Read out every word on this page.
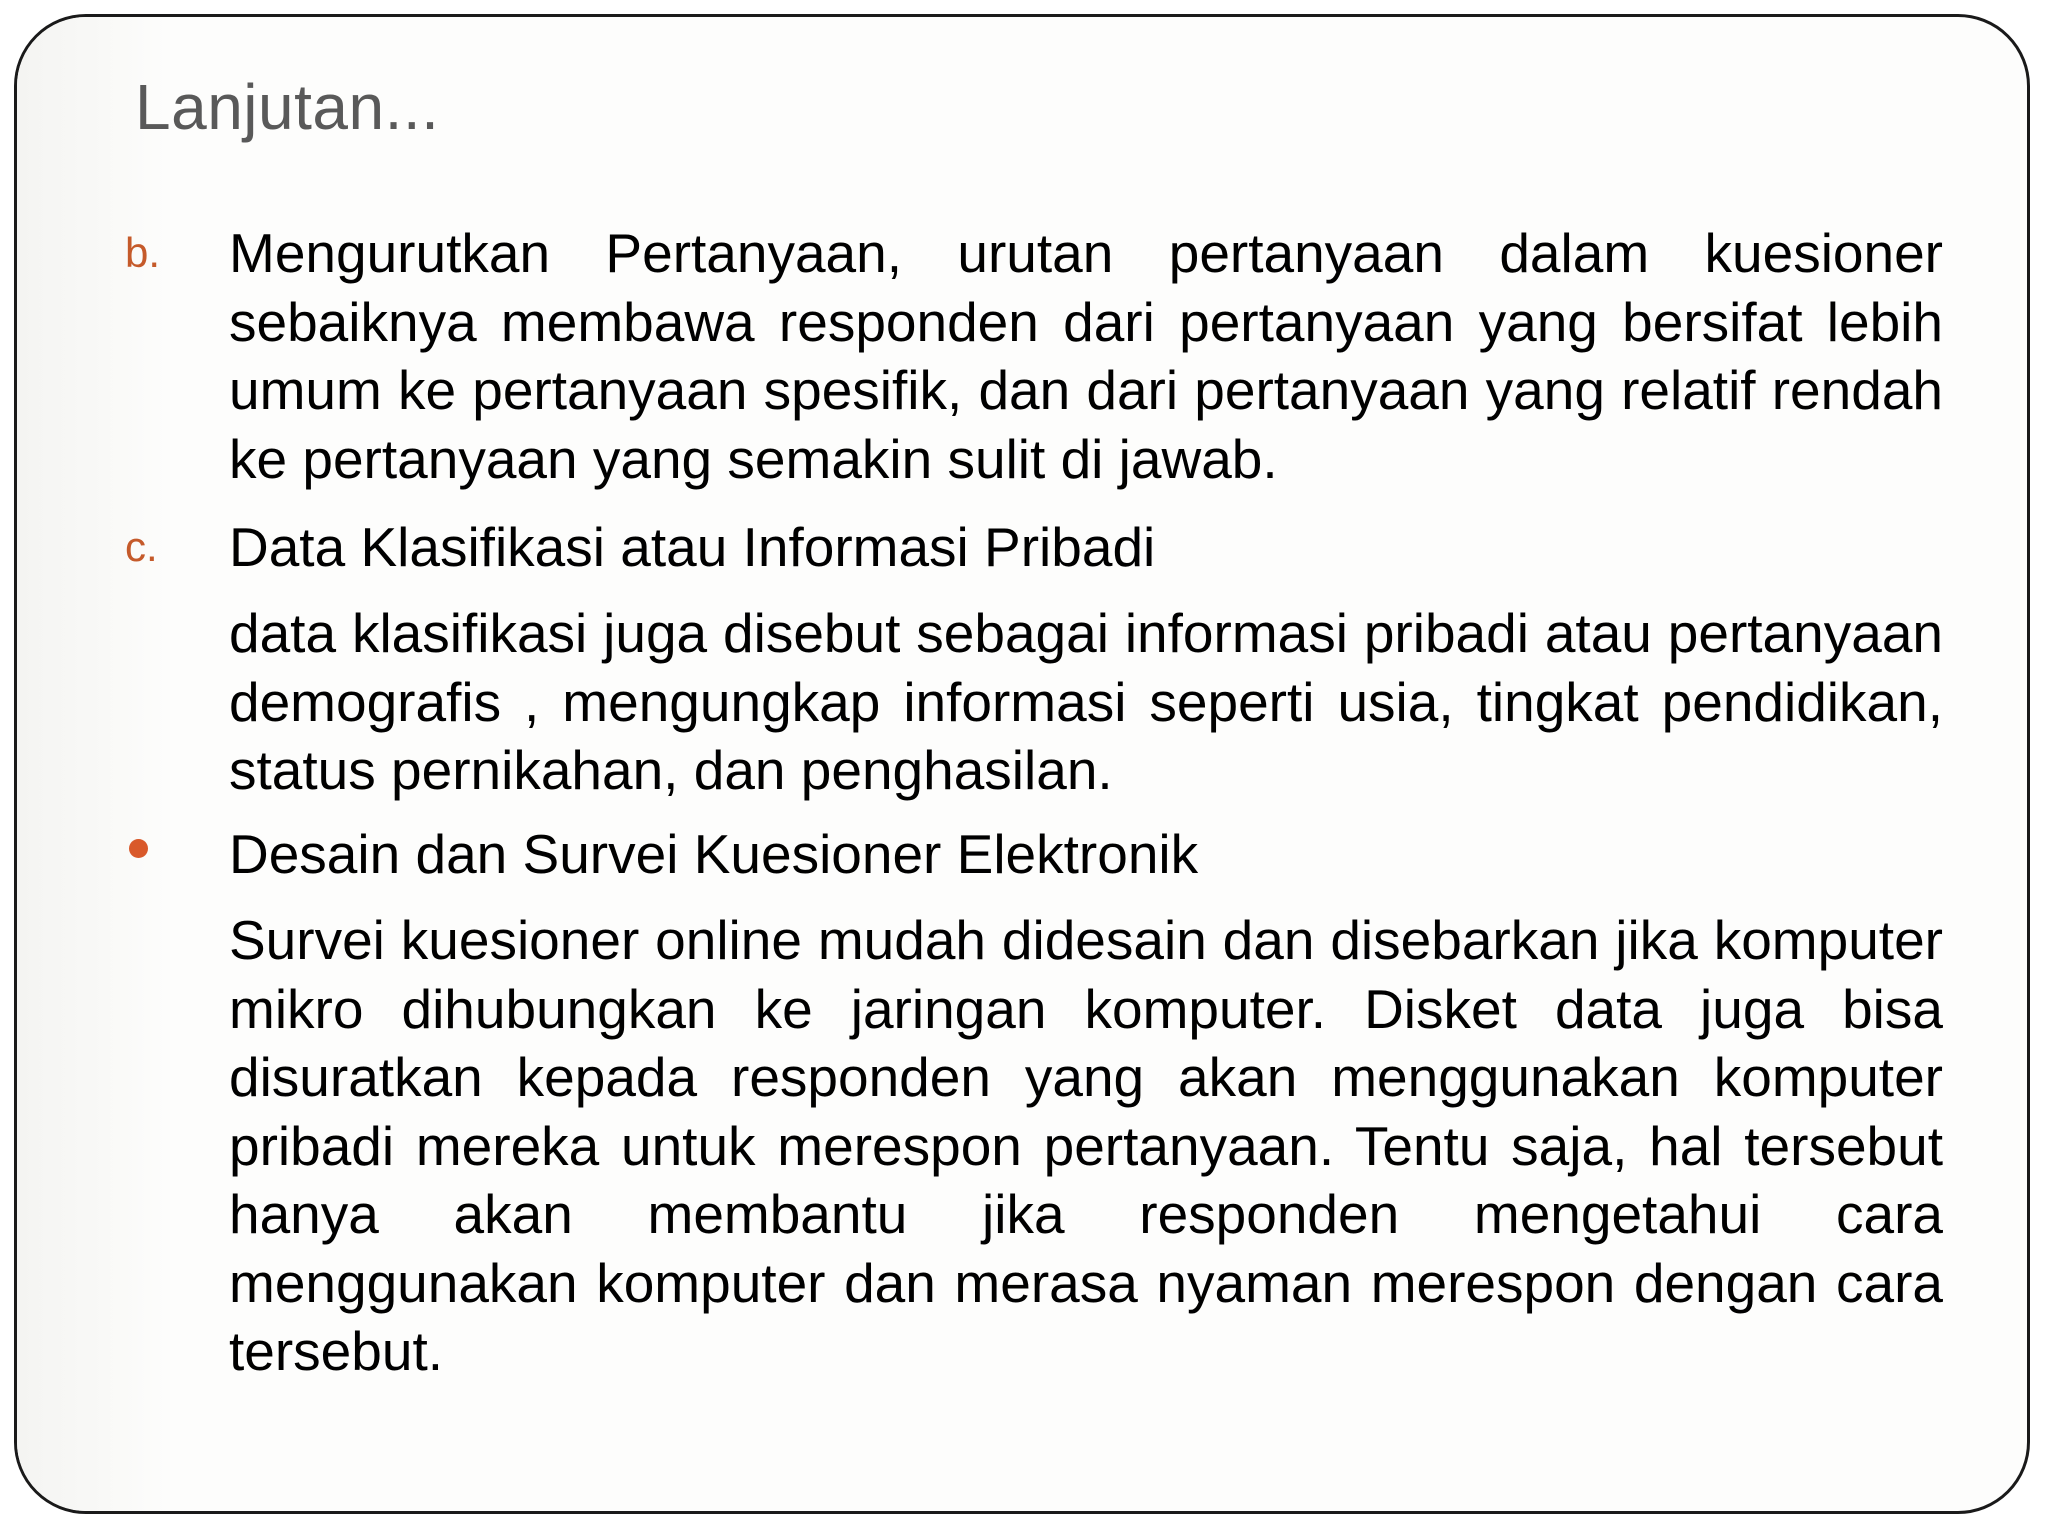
Lanjutan...
b. Mengurutkan Pertanyaan, urutan pertanyaan dalam kuesioner sebaiknya membawa responden dari pertanyaan yang bersifat lebih umum ke pertanyaan spesifik, dan dari pertanyaan yang relatif rendah ke pertanyaan yang semakin sulit di jawab.

c. Data Klasifikasi atau Informasi Pribadi

data klasifikasi juga disebut sebagai informasi pribadi atau pertanyaan demografis , mengungkap informasi seperti usia, tingkat pendidikan, status pernikahan, dan penghasilan.

Desain dan Survei Kuesioner Elektronik

Survei kuesioner online mudah didesain dan disebarkan jika komputer mikro dihubungkan ke jaringan komputer. Disket data juga bisa disuratkan kepada responden yang akan menggunakan komputer pribadi mereka untuk merespon pertanyaan. Tentu saja, hal tersebut hanya akan membantu jika responden mengetahui cara menggunakan komputer dan merasa nyaman merespon dengan cara tersebut.
